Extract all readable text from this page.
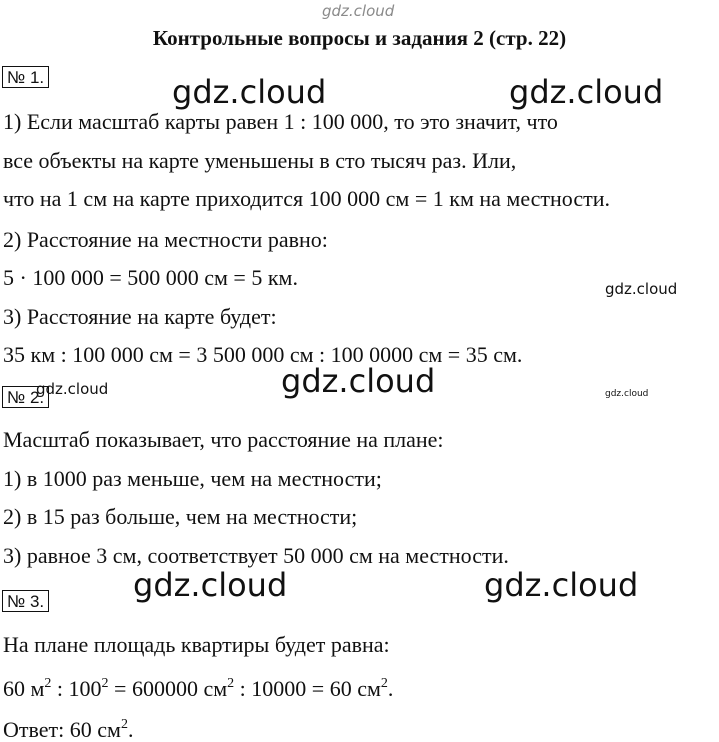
gdz.cloud
gdz.cloud	gdz.cloud
gdz.cloud
gdz.cloud
gdz.cloud	gdz.cloud
gdz.cloud	gdz.cloud
Контрольные вопросы и задания 2 (стр. 22)
№ 1.
1) Если масштаб карты равен 1 : 100 000, то это значит, что
все объекты на карте уменьшены в сто тысяч раз. Или,
что на 1 см на карте приходится 100 000 см = 1 км на местности.
2) Расстояние на местности равно:
5 · 100 000 = 500 000 см = 5 км.
3) Расстояние на карте будет:
35 км : 100 000 см = 3 500 000 см : 100 0000 см = 35 см.
№ 2.
Масштаб показывает, что расстояние на плане:
1) в 1000 раз меньше, чем на местности;
2) в 15 раз больше, чем на местности;
3) равное 3 см, соответствует 50 000 см на местности.
№ 3.
На плане площадь квартиры будет равна:
60 $м^2$ : $100^2 = 600000$ $см^2$ : 10000 = 60 $см^2$.
Ответ: 60 $см^2$.
